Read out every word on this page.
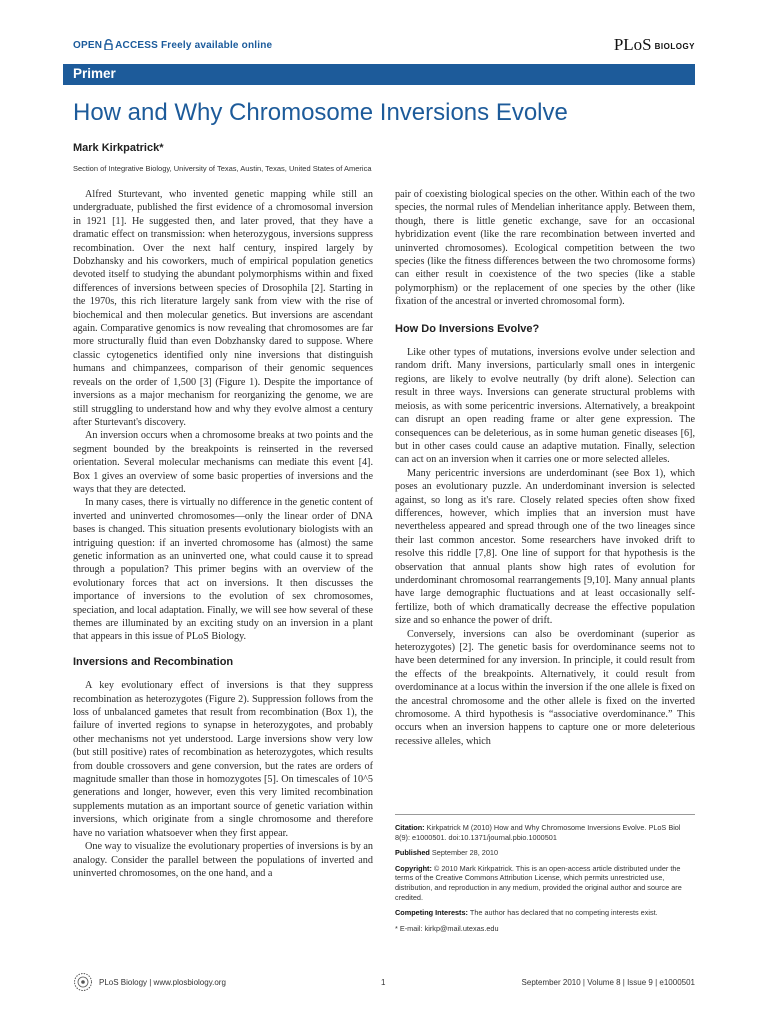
OPEN ACCESS Freely available online	PLoS BIOLOGY
Primer
How and Why Chromosome Inversions Evolve
Mark Kirkpatrick*
Section of Integrative Biology, University of Texas, Austin, Texas, United States of America

Alfred Sturtevant, who invented genetic mapping while still an undergraduate, published the first evidence of a chromosomal inversion in 1921 [1]. He suggested then, and later proved, that they have a dramatic effect on transmission: when heterozygous, inversions suppress recombination. Over the next half century, inspired largely by Dobzhansky and his coworkers, much of empirical population genetics devoted itself to studying the abundant polymorphisms within and fixed differences of inversions between species of Drosophila [2]. Starting in the 1970s, this rich literature largely sank from view with the rise of biochemical and then molecular genetics. But inversions are ascendant again. Comparative genomics is now revealing that chromosomes are far more structurally fluid than even Dobzhansky dared to suppose. Where classic cytogenetics identified only nine inversions that distinguish humans and chimpanzees, comparison of their genomic sequences reveals on the order of 1,500 [3] (Figure 1). Despite the importance of inversions as a major mechanism for reorganizing the genome, we are still struggling to understand how and why they evolve almost a century after Sturtevant's discovery.

An inversion occurs when a chromosome breaks at two points and the segment bounded by the breakpoints is reinserted in the reversed orientation. Several molecular mechanisms can mediate this event [4]. Box 1 gives an overview of some basic properties of inversions and the ways that they are detected.

In many cases, there is virtually no difference in the genetic content of inverted and uninverted chromosomes—only the linear order of DNA bases is changed. This situation presents evolutionary biologists with an intriguing question: if an inverted chromosome has (almost) the same genetic information as an uninverted one, what could cause it to spread through a population? This primer begins with an overview of the evolutionary forces that act on inversions. It then discusses the importance of inversions to the evolution of sex chromosomes, speciation, and local adaptation. Finally, we will see how several of these themes are illuminated by an exciting study on an inversion in a plant that appears in this issue of PLoS Biology.

Inversions and Recombination

A key evolutionary effect of inversions is that they suppress recombination as heterozygotes (Figure 2). Suppression follows from the loss of unbalanced gametes that result from recombination (Box 1), the failure of inverted regions to synapse in heterozygotes, and probably other mechanisms not yet understood. Large inversions show very low (but still positive) rates of recombination as heterozygotes, which results from double crossovers and gene conversion, but the rates are orders of magnitude smaller than those in homozygotes [5]. On timescales of 10^5 generations and longer, however, even this very limited recombination supplements mutation as an important source of genetic variation within inversions, which originate from a single chromosome and therefore have no variation whatsoever when they first appear.

One way to visualize the evolutionary properties of inversions is by an analogy. Consider the parallel between the populations of inverted and uninverted chromosomes, on the one hand, and a

pair of coexisting biological species on the other. Within each of the two species, the normal rules of Mendelian inheritance apply. Between them, though, there is little genetic exchange, save for an occasional hybridization event (like the rare recombination between inverted and uninverted chromosomes). Ecological competition between the two species (like the fitness differences between the two chromosome forms) can either result in coexistence of the two species (like a stable polymorphism) or the replacement of one species by the other (like fixation of the ancestral or inverted chromosomal form).

How Do Inversions Evolve?

Like other types of mutations, inversions evolve under selection and random drift. Many inversions, particularly small ones in intergenic regions, are likely to evolve neutrally (by drift alone). Selection can result in three ways. Inversions can generate structural problems with meiosis, as with some pericentric inversions. Alternatively, a breakpoint can disrupt an open reading frame or alter gene expression. The consequences can be deleterious, as in some human genetic diseases [6], but in other cases could cause an adaptive mutation. Finally, selection can act on an inversion when it carries one or more selected alleles.

Many pericentric inversions are underdominant (see Box 1), which poses an evolutionary puzzle. An underdominant inversion is selected against, so long as it's rare. Closely related species often show fixed differences, however, which implies that an inversion must have nevertheless appeared and spread through one of the two lineages since their last common ancestor. Some researchers have invoked drift to resolve this riddle [7,8]. One line of support for that hypothesis is the observation that annual plants show high rates of evolution for underdominant chromosomal rearrangements [9,10]. Many annual plants have large demographic fluctuations and at least occasionally self-fertilize, both of which dramatically decrease the effective population size and so enhance the power of drift.

Conversely, inversions can also be overdominant (superior as heterozygotes) [2]. The genetic basis for overdominance seems not to have been determined for any inversion. In principle, it could result from the effects of the breakpoints. Alternatively, it could result from overdominance at a locus within the inversion if the one allele is fixed on the ancestral chromosome and the other allele is fixed on the inverted chromosome. A third hypothesis is “associative overdominance.” This occurs when an inversion happens to capture one or more deleterious recessive alleles, which

Citation: Kirkpatrick M (2010) How and Why Chromosome Inversions Evolve. PLoS Biol 8(9): e1000501. doi:10.1371/journal.pbio.1000501

Published September 28, 2010

Copyright: © 2010 Mark Kirkpatrick. This is an open-access article distributed under the terms of the Creative Commons Attribution License, which permits unrestricted use, distribution, and reproduction in any medium, provided the original author and source are credited.

Competing Interests: The author has declared that no competing interests exist.

* E-mail: kirkp@mail.utexas.edu

PLoS Biology | www.plosbiology.org	1	September 2010 | Volume 8 | Issue 9 | e1000501
